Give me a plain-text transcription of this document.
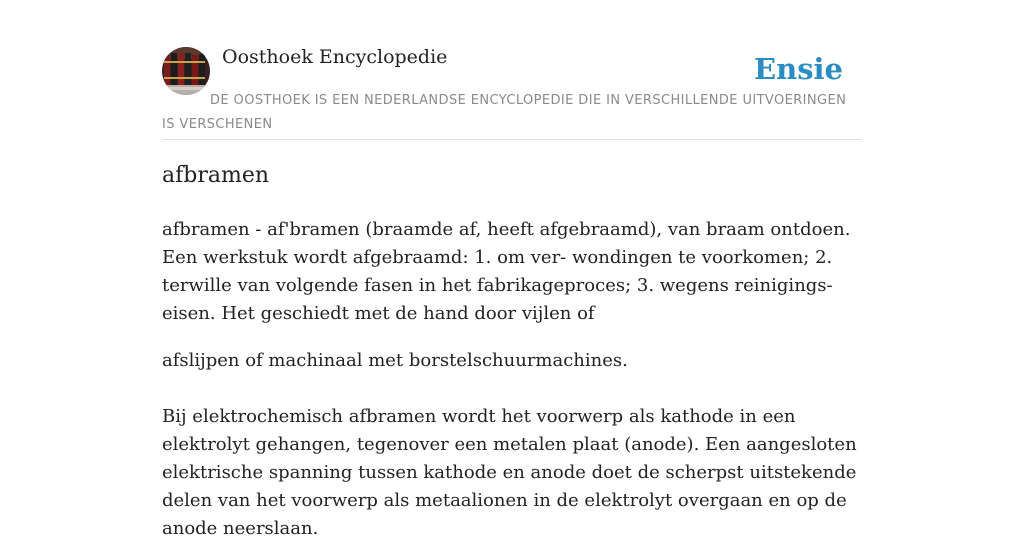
Oosthoek Encyclopedie	Ensie
DE OOSTHOEK IS EEN NEDERLANDSE ENCYCLOPEDIE DIE IN VERSCHILLENDE UITVOERINGEN IS VERSCHENEN
afbramen

afbramen - af'bramen (braamde af, heeft afgebraamd), van braam ontdoen. Een werkstuk wordt afgebraamd: 1. om ver- wondingen te voorkomen; 2. terwille van volgende fasen in het fabrikageproces; 3. wegens reinigings-eisen. Het geschiedt met de hand door vijlen of

afslijpen of machinaal met borstelschuurmachines.

Bij elektrochemisch afbramen wordt het voorwerp als kathode in een elektrolyt gehangen, tegenover een metalen plaat (anode). Een aangesloten elektrische spanning tussen kathode en anode doet de scherpst uitstekende delen van het voorwerp als metaalionen in de elektrolyt overgaan en op de anode neerslaan.
